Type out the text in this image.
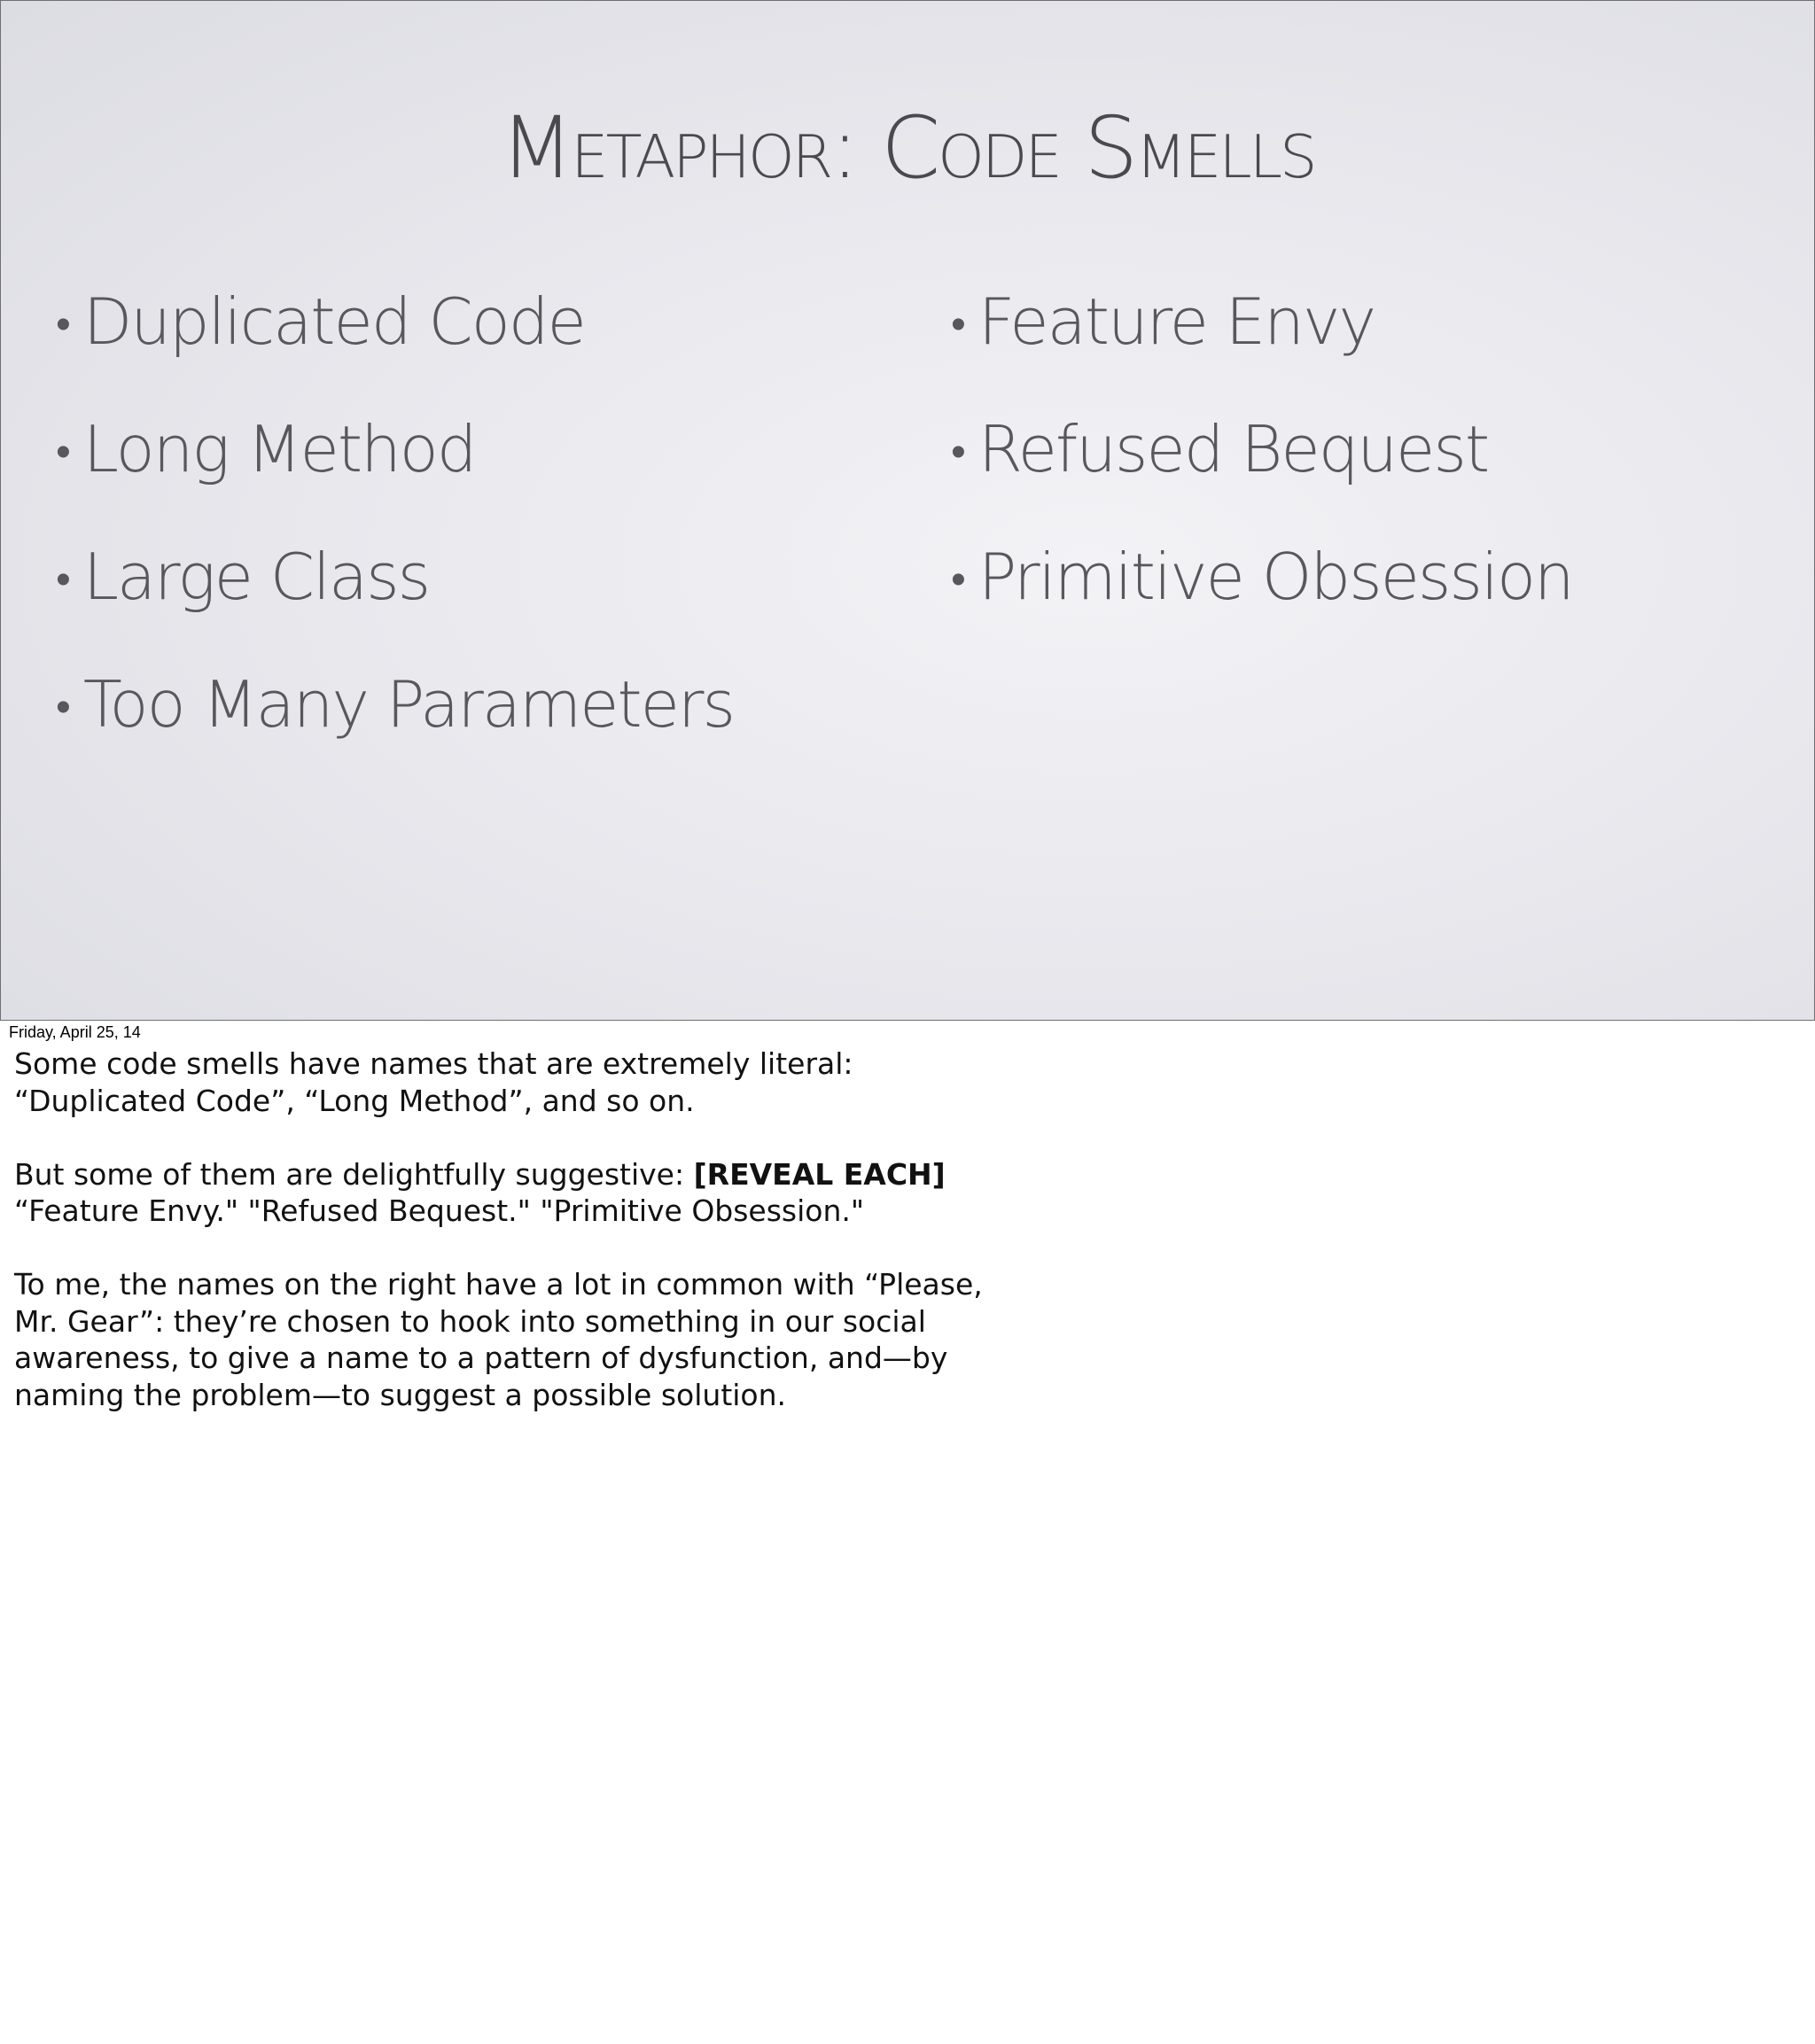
Metaphor: Code Smells
• Duplicated Code
• Long Method
• Large Class
• Too Many Parameters
• Feature Envy
• Refused Bequest
• Primitive Obsession
Friday, April 25, 14

Some code smells have names that are extremely literal:
“Duplicated Code”, “Long Method”, and so on.

But some of them are delightfully suggestive: [REVEAL EACH]
“Feature Envy." "Refused Bequest." "Primitive Obsession."

To me, the names on the right have a lot in common with “Please,
Mr. Gear”: they’re chosen to hook into something in our social
awareness, to give a name to a pattern of dysfunction, and—by
naming the problem—to suggest a possible solution.
